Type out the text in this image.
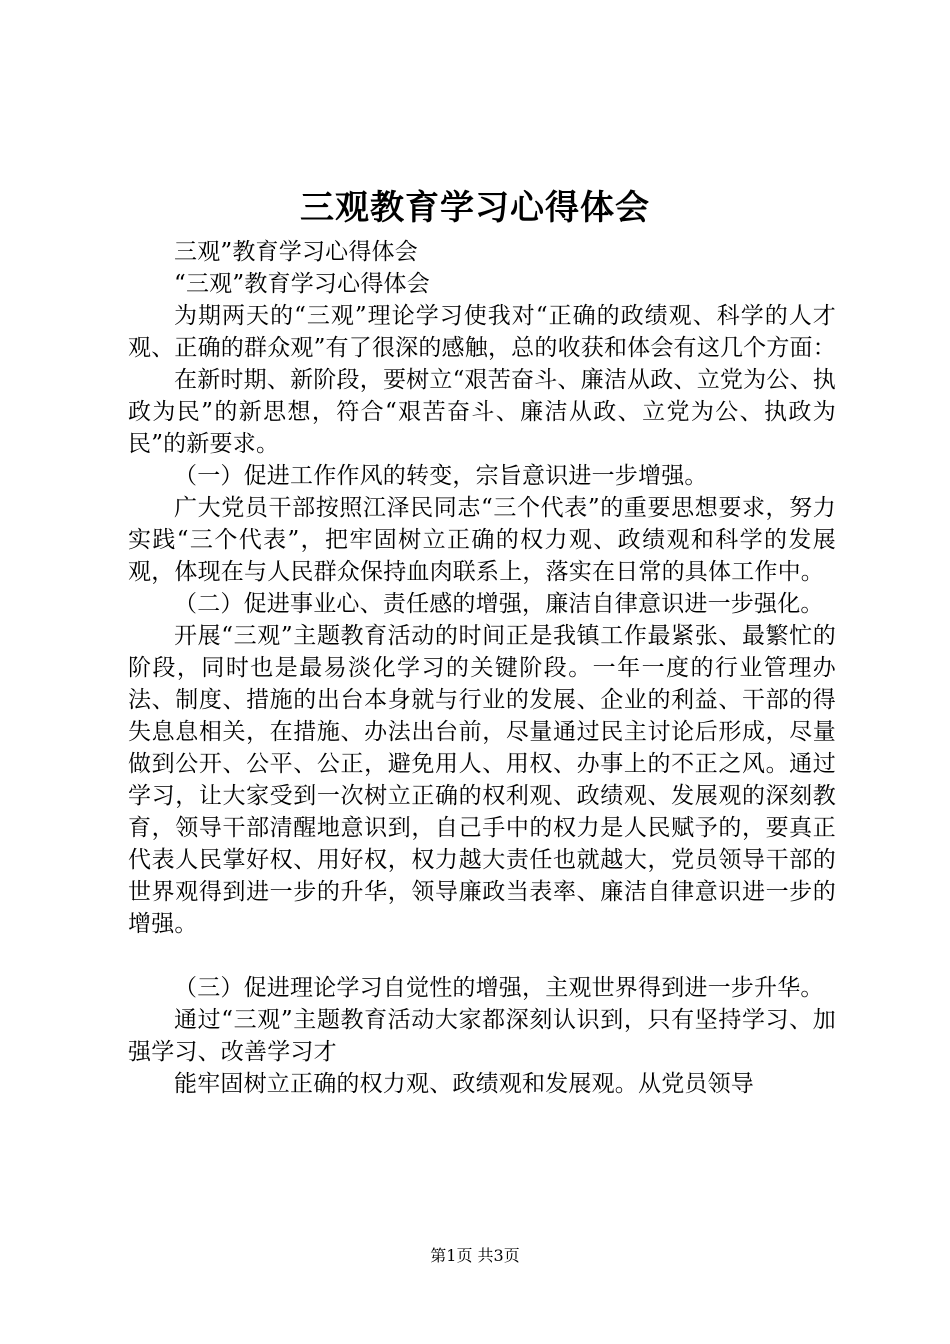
三观教育学习心得体会

三观”教育学习心得体会

“三观”教育学习心得体会

为期两天的“三观”理论学习使我对“正确的政绩观、科学的人才观、正确的群众观”有了很深的感触，总的收获和体会有这几个方面：

在新时期、新阶段，要树立“艰苦奋斗、廉洁从政、立党为公、执政为民”的新思想，符合“艰苦奋斗、廉洁从政、立党为公、执政为民”的新要求。

（一）促进工作作风的转变，宗旨意识进一步增强。

广大党员干部按照江泽民同志“三个代表”的重要思想要求，努力实践“三个代表”，把牢固树立正确的权力观、政绩观和科学的发展观，体现在与人民群众保持血肉联系上，落实在日常的具体工作中。

（二）促进事业心、责任感的增强，廉洁自律意识进一步强化。

开展“三观”主题教育活动的时间正是我镇工作最紧张、最繁忙的阶段，同时也是最易淡化学习的关键阶段。一年一度的行业管理办法、制度、措施的出台本身就与行业的发展、企业的利益、干部的得失息息相关，在措施、办法出台前，尽量通过民主讨论后形成，尽量做到公开、公平、公正，避免用人、用权、办事上的不正之风。通过学习，让大家受到一次树立正确的权利观、政绩观、发展观的深刻教育，领导干部清醒地意识到，自己手中的权力是人民赋予的，要真正代表人民掌好权、用好权，权力越大责任也就越大，党员领导干部的世界观得到进一步的升华，领导廉政当表率、廉洁自律意识进一步的增强。

（三）促进理论学习自觉性的增强，主观世界得到进一步升华。

通过“三观”主题教育活动大家都深刻认识到，只有坚持学习、加强学习、改善学习才

能牢固树立正确的权力观、政绩观和发展观。从党员领导

第1页 共3页
